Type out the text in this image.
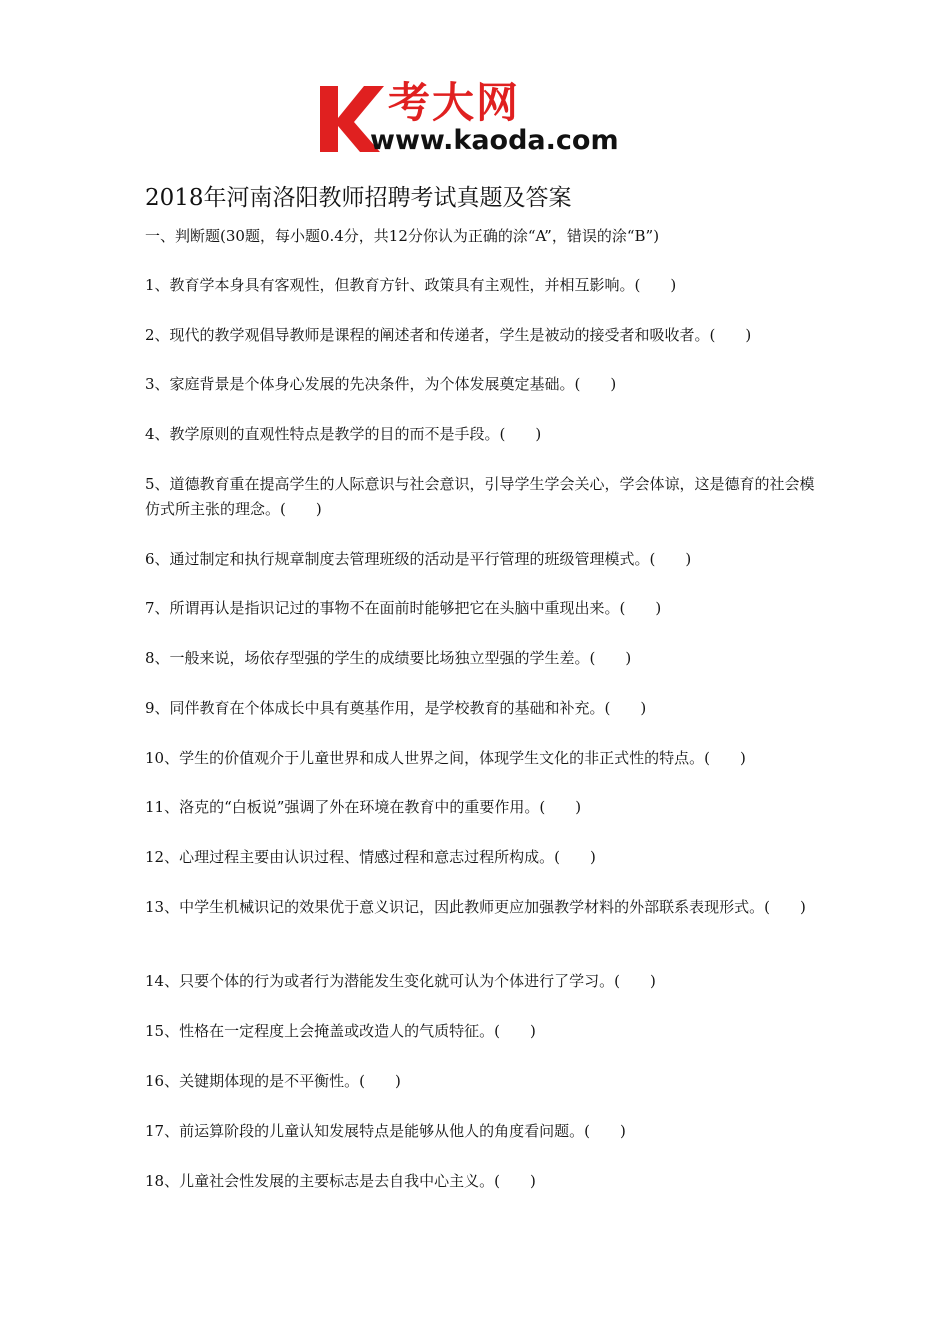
考大网
www.kaoda.com
2018年河南洛阳教师招聘考试真题及答案
一、判断题(30题，每小题0.4分，共12分你认为正确的涂“A”，错误的涂“B”)
1、教育学本身具有客观性，但教育方针、政策具有主观性，并相互影响。(　　)
2、现代的教学观倡导教师是课程的阐述者和传递者，学生是被动的接受者和吸收者。(　　)
3、家庭背景是个体身心发展的先决条件，为个体发展奠定基础。(　　)
4、教学原则的直观性特点是教学的目的而不是手段。(　　)
5、道德教育重在提高学生的人际意识与社会意识，引导学生学会关心，学会体谅，这是德育的社会模仿式所主张的理念。(　　)
6、通过制定和执行规章制度去管理班级的活动是平行管理的班级管理模式。(　　)
7、所谓再认是指识记过的事物不在面前时能够把它在头脑中重现出来。(　　)
8、一般来说，场依存型强的学生的成绩要比场独立型强的学生差。(　　)
9、同伴教育在个体成长中具有奠基作用，是学校教育的基础和补充。(　　)
10、学生的价值观介于儿童世界和成人世界之间，体现学生文化的非正式性的特点。(　　)
11、洛克的“白板说”强调了外在环境在教育中的重要作用。(　　)
12、心理过程主要由认识过程、情感过程和意志过程所构成。(　　)
13、中学生机械识记的效果优于意义识记，因此教师更应加强教学材料的外部联系表现形式。(　　)
14、只要个体的行为或者行为潜能发生变化就可认为个体进行了学习。(　　)
15、性格在一定程度上会掩盖或改造人的气质特征。(　　)
16、关键期体现的是不平衡性。(　　)
17、前运算阶段的儿童认知发展特点是能够从他人的角度看问题。(　　)
18、儿童社会性发展的主要标志是去自我中心主义。(　　)
